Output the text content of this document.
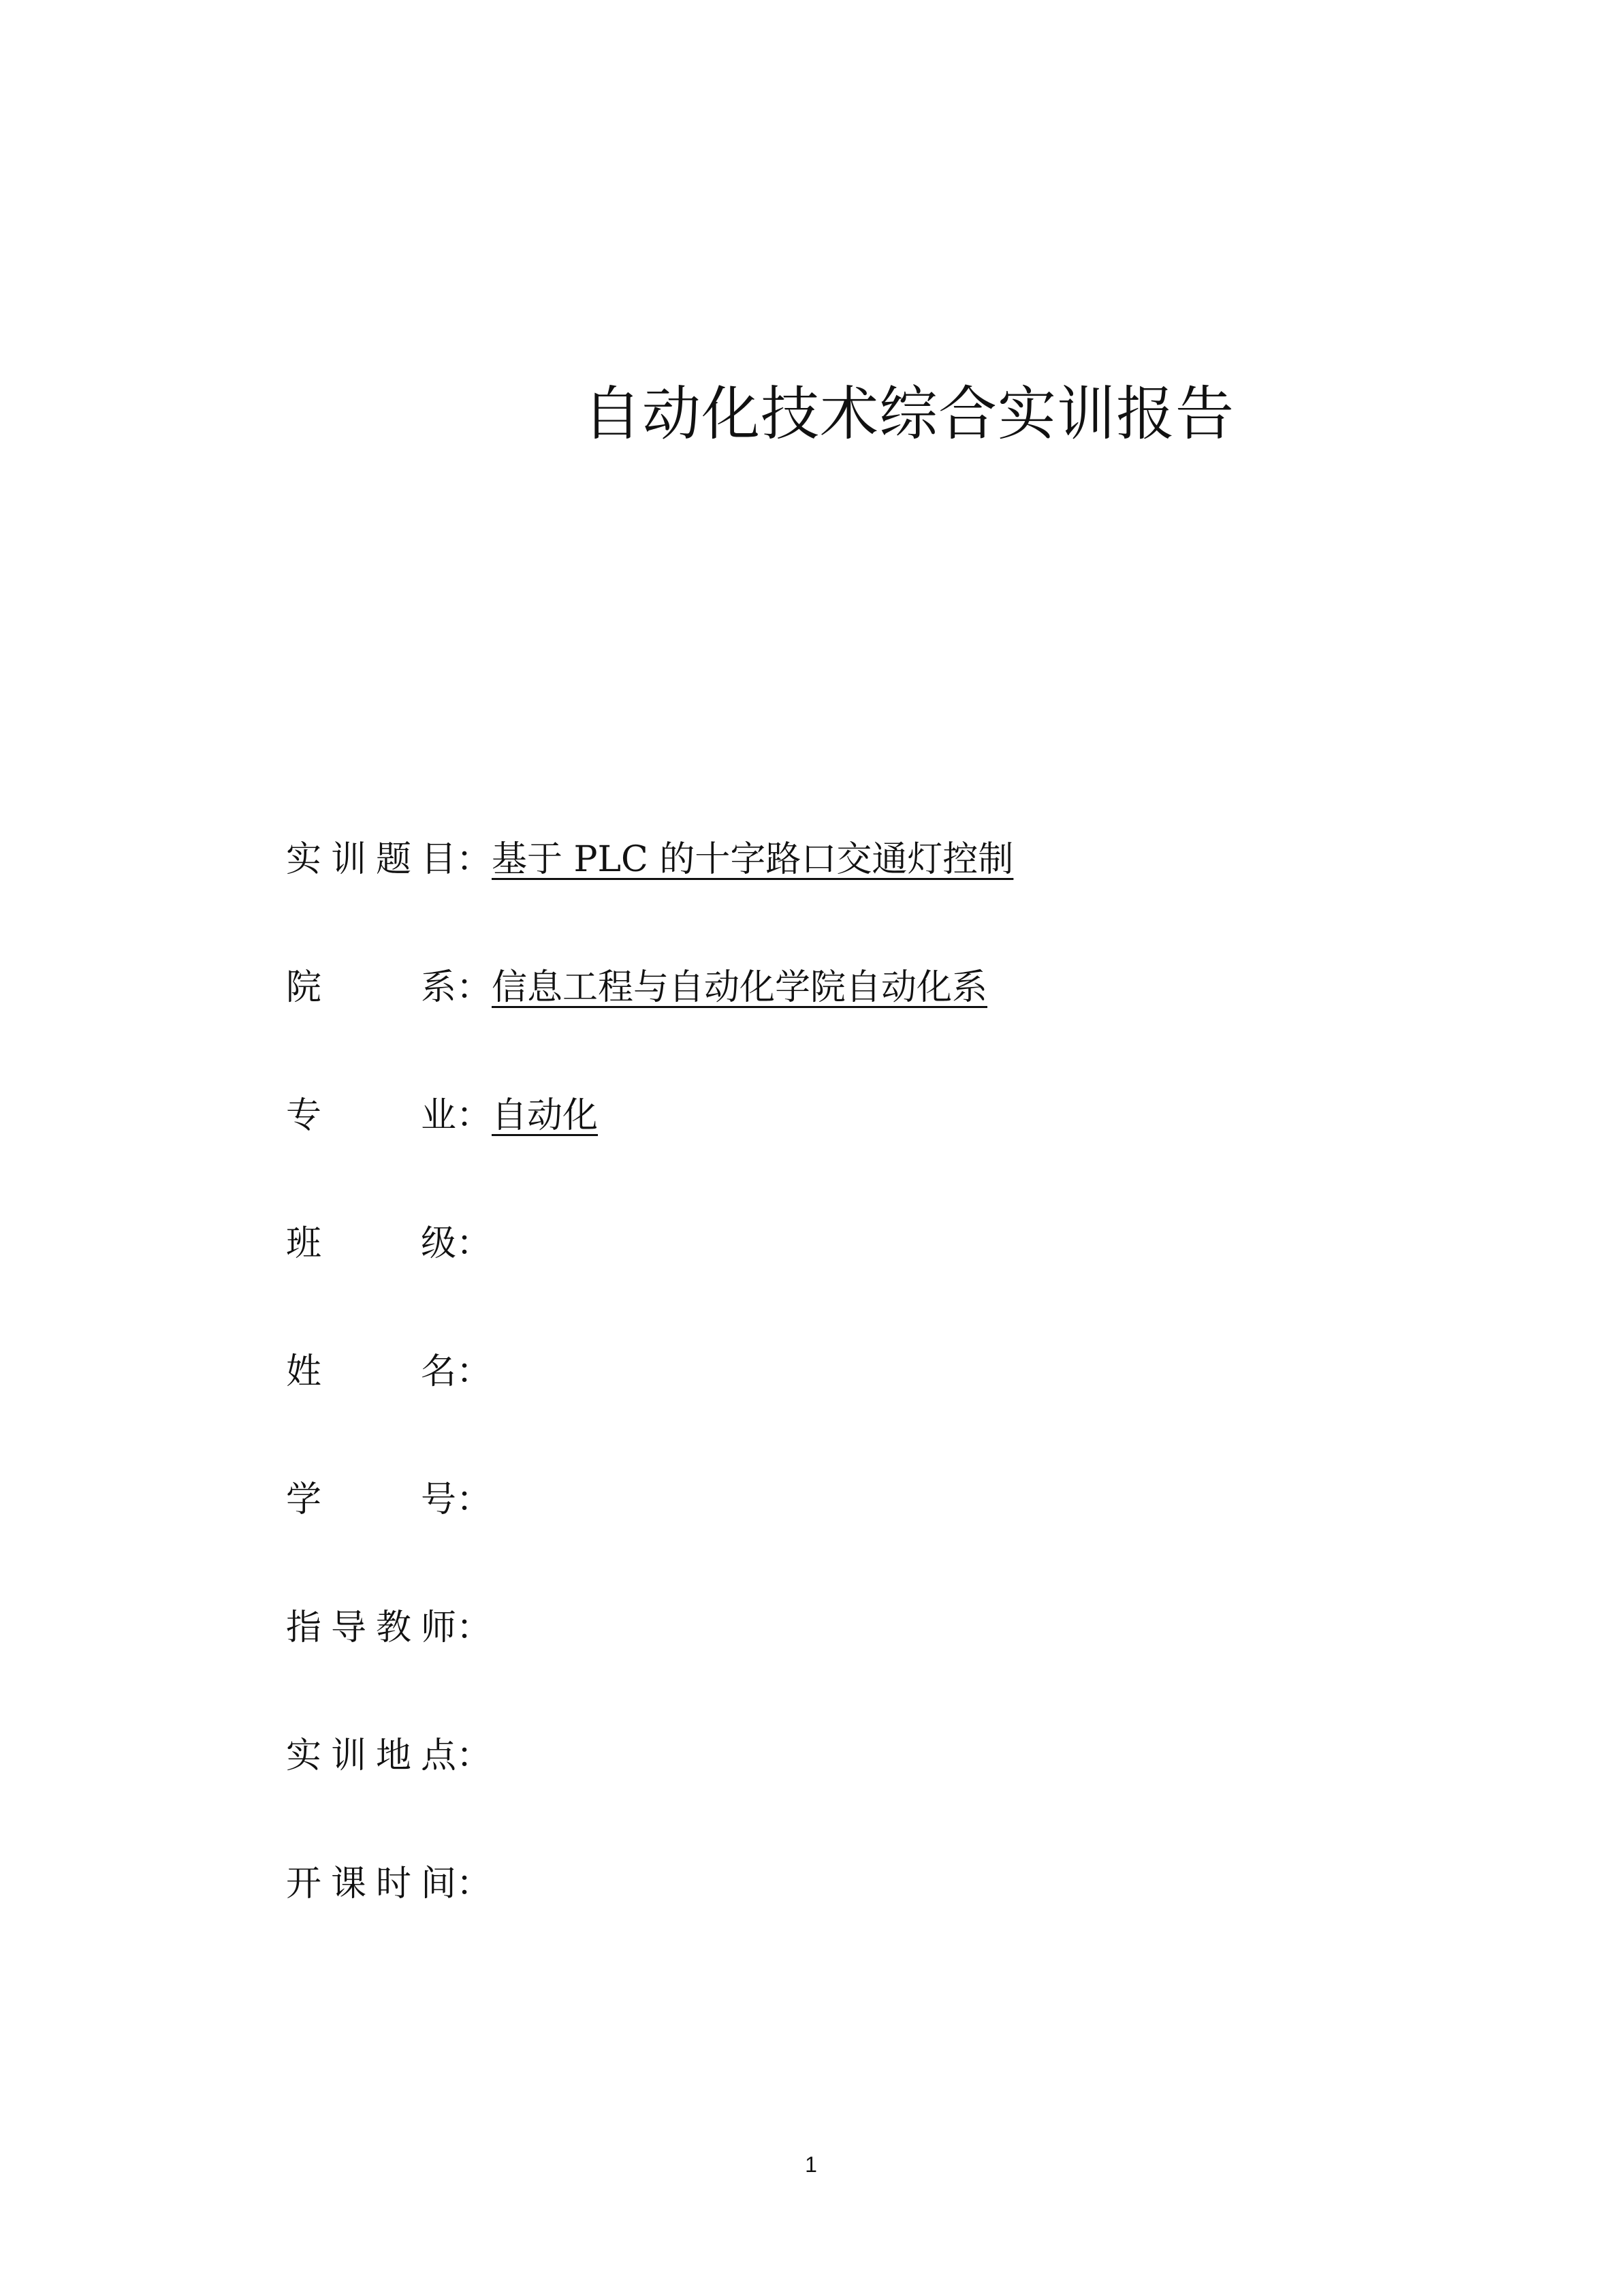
自动化技术综合实训报告
实训题目：基于 PLC 的十字路口交通灯控制
院系：信息工程与自动化学院自动化系
专业：自动化
班级：
姓名：
学号：
指导教师：
实训地点：
开课时间：
1
